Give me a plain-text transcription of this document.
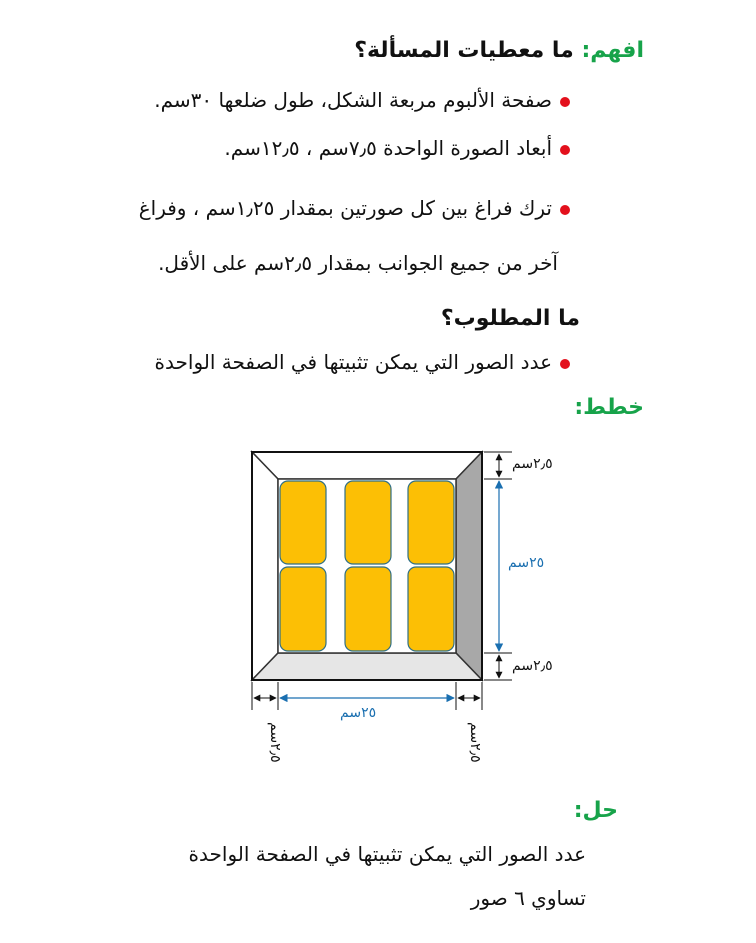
افهم: ما معطيات المسألة؟
صفحة الألبوم مربعة الشكل، طول ضلعها ٣٠سم.
أبعاد الصورة الواحدة ٧٫٥سم ، ١٢٫٥سم.
ترك فراغ بين كل صورتين بمقدار ١٫٢٥سم ، وفراغ
آخر من جميع الجوانب بمقدار ٢٫٥سم على الأقل.
ما المطلوب؟
عدد الصور التي يمكن تثبيتها في الصفحة الواحدة
خطط:
٢٫٥سم
٢٥سم
٢٫٥سم
٢٥سم
٢٫٥سم
٢٫٥سم
حل:
عدد الصور التي يمكن تثبيتها في الصفحة الواحدة
تساوي ٦ صور
